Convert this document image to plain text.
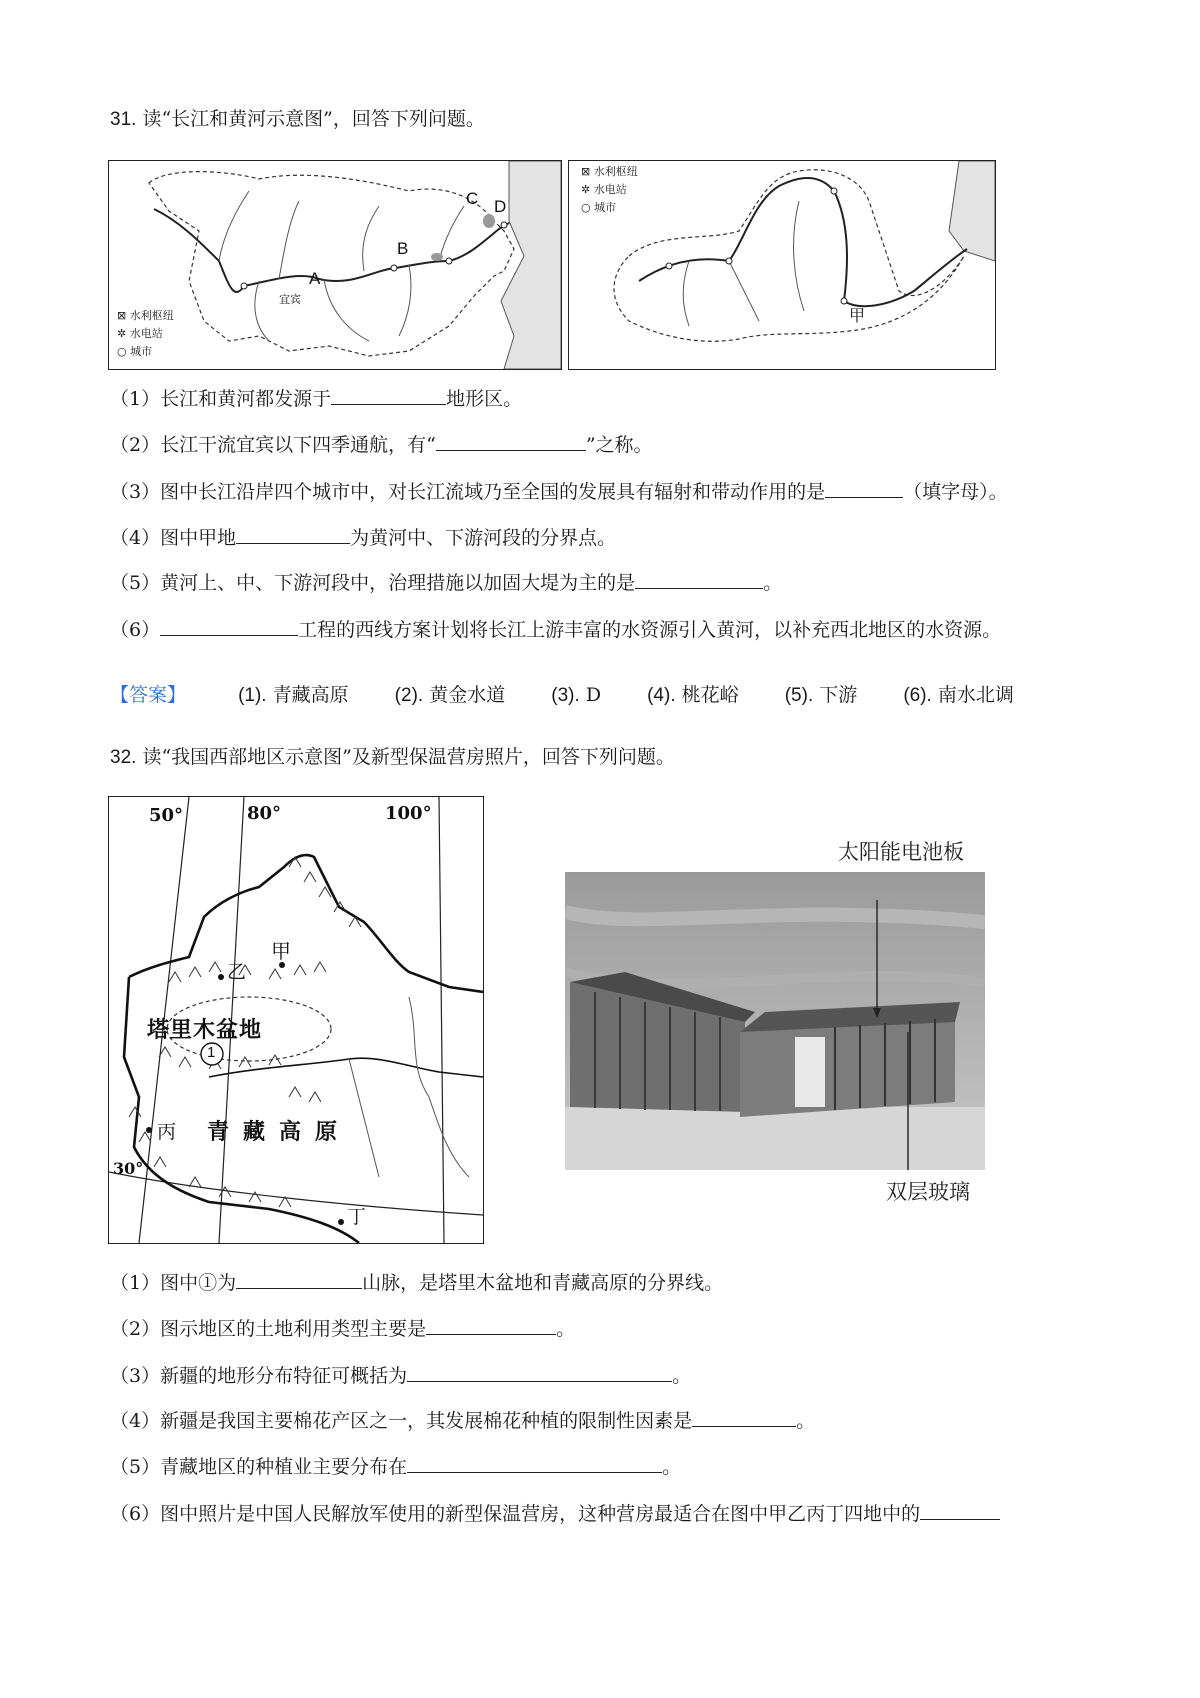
31. 读“长江和黄河示意图”，回答下列问题。
⊠ 水利枢纽
✲ 水电站
○ 城市
A
B
C D
宜宾
⊠ 水利枢纽
✲ 水电站
○ 城市
甲
（1）长江和黄河都发源于	地形区。
（2）长江干流宜宾以下四季通航，有“	”之称。
（3）图中长江沿岸四个城市中，对长江流域乃至全国的发展具有辐射和带动作用的是	（填字母）。
（4）图中甲地	为黄河中、下游河段的分界点。
（5）黄河上、中、下游河段中，治理措施以加固大堤为主的是	。
（6）	工程的西线方案计划将长江上游丰富的水资源引入黄河，以补充西北地区的水资源。
【答案】	(1). 青藏高原 (2). 黄金水道 (3). D (4). 桃花峪 (5). 下游 (6). 南水北调
32. 读“我国西部地区示意图”及新型保温营房照片，回答下列问题。
50°	80°	100°
30°
甲
乙
丙
丁
塔里木盆地
青藏高原
1
太阳能电池板
双层玻璃
（1）图中①为	山脉，是塔里木盆地和青藏高原的分界线。
（2）图示地区的土地利用类型主要是	。
（3）新疆的地形分布特征可概括为	。
（4）新疆是我国主要棉花产区之一，其发展棉花种植的限制性因素是	。
（5）青藏地区的种植业主要分布在	。
（6）图中照片是中国人民解放军使用的新型保温营房，这种营房最适合在图中甲乙丙丁四地中的
